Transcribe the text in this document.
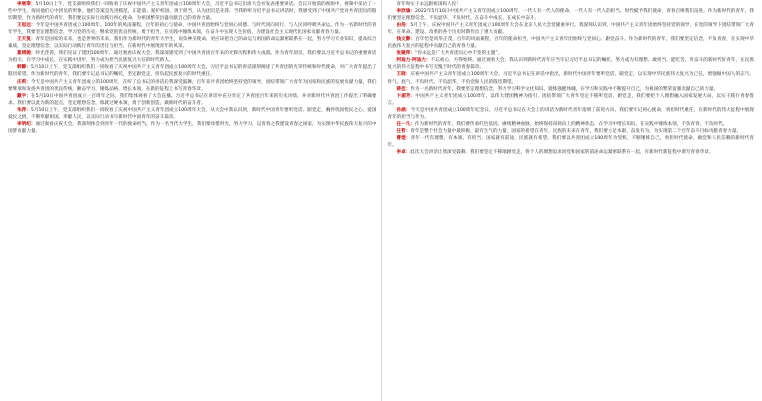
李展奉：5月10日上午，党支部组织我们一同收看了庆祝中国共产主义青年团成立100周年大会，习近平总书记出席大会并发表重要讲话。会议开始前的视频中，视频中采访了一些中学生，询问他们心中团员的形象，他们答案是先进模范、正能量、爱护校园、勇于担当，认为团员是先锋。当我聆听习近平总书记讲话时，我感受到了中国共产党对共青团员的殷切期望，作为新时代的青年，我们要以实际行动践行初心使命，为祖国繁荣昌盛贡献自己的青春力量。

王思远：今年是中国共青团成立100周年。100年的风雨兼程，百年的初心与使命，中国共青团始终与党同心同德、与时代同向同行、与人民同呼吸共命运。作为一名新时代的青年学生，我要坚定理想信念，学习党的历史，继承党的优良传统，勇于担当，在实践中锤炼本领，在奋斗中实现人生价值，为建设社会主义现代化国家贡献青春力量。

王天复：青年是国家的未来，也是世界的未来。我们作为新时代的青年大学生，肩负神圣使命，更应该把自己的命运与祖国的命运紧密联系在一起，努力学习专业知识，提高综合素质，坚定理想信念，以实际行动践行青年的责任与担当，在新时代中展现青年的风采。

夏靖婉：时光荏苒，我们见证了建团100周年。通过观看庆祝大会，我深深感受到了中国共青团百年来的光辉历程和伟大成就。作为青年团员，我们要以习近平总书记的重要讲话为指引，在学习中成长，在实践中进步，努力成为担当民族复兴大任的时代新人。

韩静：5月10日上午，党支部组织我们一同收看了庆祝中国共产主义青年团成立100周年大会。习近平总书记的讲话深刻阐述了共青团的光荣传统和时代使命，对广大青年提出了殷切希望。作为新时代的青年，我们要牢记总书记的嘱托，坚定跟党走，担负起民族复兴的时代重任。

庄莉：今天是中国共产主义青年团成立的100周年，在听了总书记的讲话后我深受鼓舞。百年来共青团始终坚持党的领导，团结带领广大青年为国家和民族的发展贡献力量。我们要继承和发扬共青团的优良传统，勤奋学习，锤炼品格，增长本领，在新的征程上书写青春华章。

戴宇：在5月10日中国共青团成立一百周年之际，我们集体观看了大会直播。习近平总书记在讲话中充分肯定了共青团百年来的历史功绩，并对新时代共青团工作提出了明确要求。我们要以此为新的起点，坚定理想信念，练就过硬本领，勇于创新创造，做新时代的奋斗者。

朱萍：5月10日上午，党支部组织我们一同收看了庆祝中国共产主义青年团成立100周年大会。从大会中我认识到，新时代中国青年要听党话、跟党走，胸怀忧国忧民之心、爱国爱民之情，不断奉献祖国、奉献人民，以实际行动书写新时代中国青年的奋斗篇章。

李明纪：通过观看庆祝大会，我深刻体会到青年一代的使命担当。作为一名当代大学生，我们要珍惜时光，努力学习，以青春之我建设青春之国家，为实现中华民族伟大复兴的中国梦贡献力量。

青年和实干永远跟祖国和人民！

李欣瑜：2022年5月10日中国共产主义青年团成立100周年，一代人有一代人的使命，一代人有一代人的担当。时代赋予我们使命，青春召唤我们奋进。作为新时代的青年，我们要坚定理想信念，不负韶华，不负时代，在奋斗中成长，在成长中奋斗。

由扬：5月上午，庆祝中国共产主义青年团成立100周年大会在北京人民大会堂隆重举行。我深刻认识到，中国共产主义青年团始终坚持党的领导，在党的领导下团结带领广大青年，在革命、建设、改革的各个历史时期作出了重大贡献。

钱文静：百年恰是风华正茂，百年的风雨兼程，百年的使命担当，中国共产主义青年团始终与党同心、跟党奋斗。作为新时代的青年，我们要坚定信念，不负青春，在实现中华民族伟大复兴的征程中贡献自己的青春力量。

张婕萍：“你永远是广大共青团员心中不变的主题”。

阿迪力·阿迪力：不忘初心，方得始终。通过观看大会，我认识到新时代青年应当牢记习近平总书记的嘱托，努力成为有理想、敢担当、能吃苦、肯奋斗的新时代好青年，在民族复兴的伟大征程中书写无愧于时代的青春篇章。

王晓：庆祝中国共产主义青年团成立100周年大会，习近平总书记在讲话中指出，新时代中国青年要听党话、跟党走，以实现中华民族伟大复兴为己任，增强做中国人的志气、骨气、底气，不负时代，不负韶华，不负党和人民的殷切期望。

蒋佳：作为一名新时代青年，我要坚定理想信念，努力学习科学文化知识，锻炼强健体魄，在学习和实践中不断提升自己，为祖国的繁荣富强贡献自己的力量。

卞淑芳：中国共产主义青年团成立100周年，以伟大建团精神为指引，团结带领广大青年坚定不移听党话、跟党走，我们要把个人理想融入国家发展大局，以实干践行青春誓言。

孙涵：今天是中国共青团成立100周年纪念日，习近平总书记在大会上的讲话为新时代青年指明了前进方向。我们要牢记初心使命，勇担时代重任，在新时代的伟大征程中展现青年的担当与作为。

任一凡：作为新时代的青年，我们要传承红色基因，赓续精神血脉，始终保持昂扬向上的精神状态，在学习中增长知识，在实践中锤炼本领，不负青春，不负时代。

任哲：青年是整个社会力量中最积极、最有生气的力量，国家的希望在青年，民族的未来在青年。我们要立足本职，奋发有为，为实现第二个百年奋斗目标贡献青春力量。

曹煜：青年一代有理想、有本领、有担当，国家就有前途，民族就有希望。我们要以共青团成立100周年为契机，不断锤炼自己，勇担时代使命，做党和人民信赖的新时代青年。

李卓：此次大会讲话让我深受鼓舞，我们要坚定不移地跟党走，将个人的理想追求同党和国家的前途命运紧密联系在一起，在新时代新征程中谱写青春华章。
